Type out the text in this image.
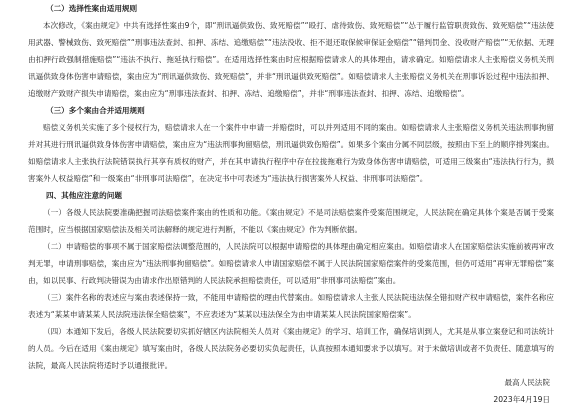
（二）选择性案由适用规则

本次修改，《案由规定》中共有选择性案由9个，即“刑讯逼供致伤、致死赔偿”“殴打、虐待致伤、致死赔偿”“怂于履行监管职责致伤、致死赔偿”“违法使用武器、警械致伤、致死赔偿”“刑事违法查封、扣押、冻结、追缴赔偿”“违法没收、拒不退还取保候审保证金赔偿”“错判罚金、没收财产赔偿”“无依据、无理由扣押行政强制措施赔偿”“违法不执行、拖延执行赔偿”。在适用选择性案由时应根据赔偿请求人的具体理由，请求确定。如赔偿请求人主张赔偿义务机关刑讯逼供致身体伤害申请赔偿，案由应为“刑讯逼供致伤、致死赔偿”，并非“刑讯逼供致死赔偿”。如赔偿请求人主张赔偿义务机关在刑事诉讼过程中违法扣押、追缴财产致财产损失申请赔偿，案由应为“刑事违法查封、扣押、冻结、追缴赔偿”，并非“刑事违法查封、扣押、冻结、追缴赔偿”。

（三）多个案由合并适用规则

赔偿义务机关实施了多个侵权行为，赔偿请求人在一个案件中申请一并赔偿时，可以并列适用不同的案由。如赔偿请求人主张赔偿义务机关违法刑事拘留并对其进行刑讯逼供致身体伤害申请赔偿，案由应为“违法刑事拘留赔偿，刑讯逼供致伤赔偿”。如果多个案由分属不同层级，按照由下至上的顺序排列案由。如赔偿请求人主张执行法院错误执行其享有质权的财产，并在其申请执行程序中存在拉拢拖难行为致身体伤害申请赔偿，可适用三级案由“违法执行行为，损害案外人权益赔偿”和一级案由“非刑事司法赔偿”，在决定书中可表述为“违法执行损害案外人权益、非刑事司法赔偿”。

四、其他应注意的问题

（一）各级人民法院要准确把握司法赔偿案件案由的性质和功能。《案由规定》不是司法赔偿案件受案范围规定，人民法院在确定具体个案是否属于受案范围时，应当根据国家赔偿法及相关司法解释的规定进行判断，不能以《案由规定》作为判断依据。

（二）申请赔偿的事项不属于国家赔偿法调整范围的，人民法院可以根据申请赔偿的具体理由确定相应案由。如赔偿请求人在国家赔偿法实施前被再审改判无罪，申请刑事赔偿，案由应为“违法刑事拘留赔偿”。如赔偿请求人申请国家赔偿不属于人民法院国家赔偿案件的受案范围，但仍可适用“再审无罪赔偿”案由，如以民事、行政判决错误为由请求作出原错判的人民法院承担赔偿责任，可以适用“非刑事司法赔偿”案由。

（三）案件名称的表述应与案由表述保持一致，不能用申请赔偿的理由代替案由。如赔偿请求人主张人民法院违法保全错扣财产权申请赔偿，案件名称应表述为“某某申请某某人民法院违法保全赔偿案”，不应表述为“某某以违法保全为由申请某某人民法院国家赔偿案”。

（四）本通知下发后，各级人民法院要切实抓好辖区内法院相关人员对《案由规定》的学习、培训工作，确保培训到人，尤其是从事立案登记和司法统计的人员。今后在适用《案由规定》填写案由时，各级人民法院务必要切实负起责任，认真按照本通知要求予以填写。对于未做培训或者不负责任、随意填写的法院，最高人民法院将适时予以通报批评。

最高人民法院
2023年4月19日
